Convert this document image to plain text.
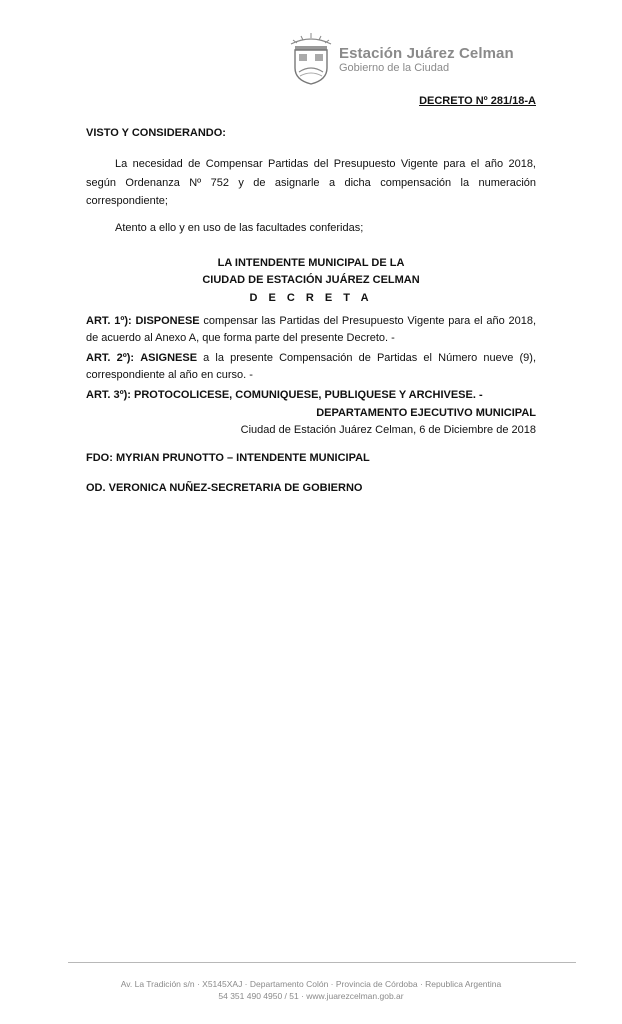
Estación Juárez Celman
Gobierno de la Ciudad
DECRETO Nº 281/18-A
VISTO Y CONSIDERANDO:
La necesidad de Compensar Partidas del Presupuesto Vigente para el año 2018, según Ordenanza Nº 752 y de asignarle a dicha compensación la numeración correspondiente;
Atento a ello y en uso de las facultades conferidas;
LA INTENDENTE MUNICIPAL DE LA
CIUDAD DE ESTACIÓN JUÁREZ CELMAN
D E C R E T A
ART. 1º): DISPONESE compensar las Partidas del Presupuesto Vigente para el año 2018, de acuerdo al Anexo A, que forma parte del presente Decreto. -
ART. 2º): ASIGNESE a la presente Compensación de Partidas el Número nueve (9), correspondiente al año en curso. -
ART. 3º): PROTOCOLICESE, COMUNIQUESE, PUBLIQUESE Y ARCHIVESE. -
DEPARTAMENTO EJECUTIVO MUNICIPAL
Ciudad de Estación Juárez Celman, 6 de Diciembre de 2018
FDO: MYRIAN PRUNOTTO – INTENDENTE MUNICIPAL
OD. VERONICA NUÑEZ-SECRETARIA DE GOBIERNO
Av. La Tradición s/n · X5145XAJ · Departamento Colón · Provincia de Córdoba · Republica Argentina
54 351 490 4950 / 51 · www.juarezcelman.gob.ar
